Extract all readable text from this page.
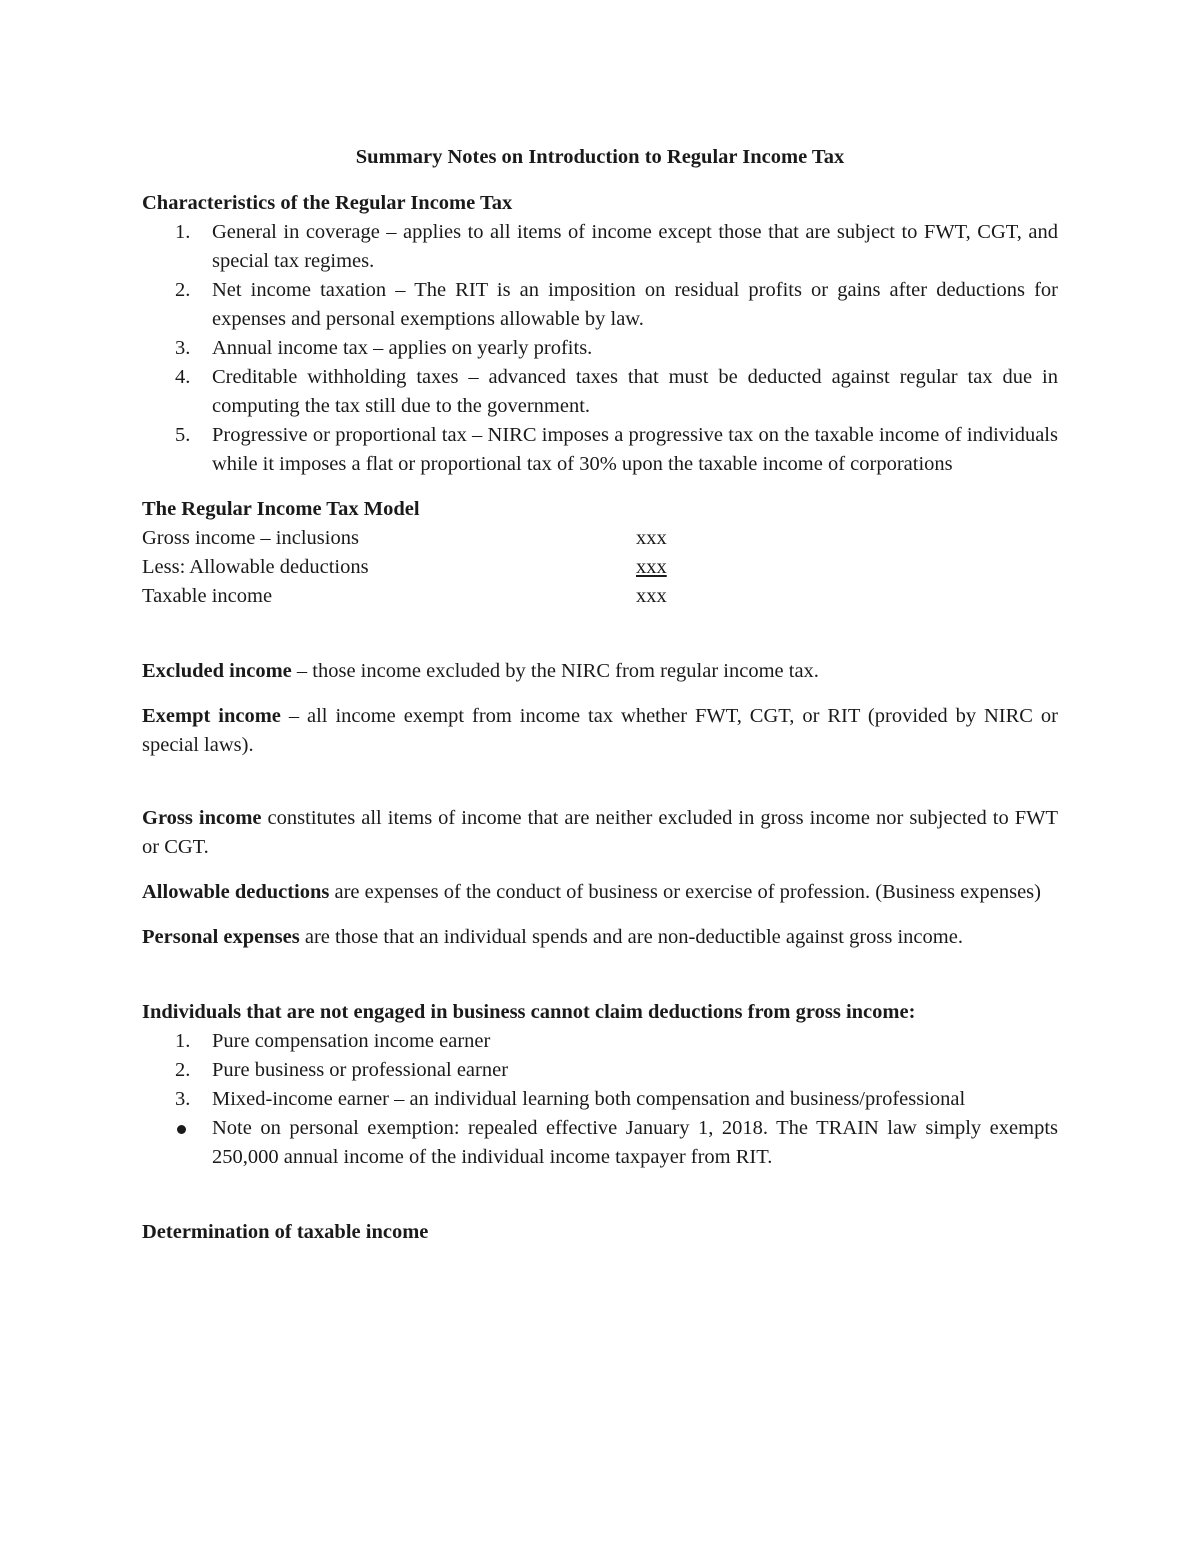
Summary Notes on Introduction to Regular Income Tax

Characteristics of the Regular Income Tax

1. General in coverage – applies to all items of income except those that are subject to FWT, CGT, and special tax regimes.
2. Net income taxation – The RIT is an imposition on residual profits or gains after deductions for expenses and personal exemptions allowable by law.
3. Annual income tax – applies on yearly profits.
4. Creditable withholding taxes – advanced taxes that must be deducted against regular tax due in computing the tax still due to the government.
5. Progressive or proportional tax – NIRC imposes a progressive tax on the taxable income of individuals while it imposes a flat or proportional tax of 30% upon the taxable income of corporations

The Regular Income Tax Model

Gross income – inclusions	xxx
Less: Allowable deductions	xxx
Taxable income	xxx

Excluded income – those income excluded by the NIRC from regular income tax.

Exempt income – all income exempt from income tax whether FWT, CGT, or RIT (provided by NIRC or special laws).

Gross income constitutes all items of income that are neither excluded in gross income nor subjected to FWT or CGT.

Allowable deductions are expenses of the conduct of business or exercise of profession. (Business expenses)

Personal expenses are those that an individual spends and are non-deductible against gross income.

Individuals that are not engaged in business cannot claim deductions from gross income:

1. Pure compensation income earner
2. Pure business or professional earner
3. Mixed-income earner – an individual learning both compensation and business/professional
Note on personal exemption: repealed effective January 1, 2018. The TRAIN law simply exempts 250,000 annual income of the individual income taxpayer from RIT.

Determination of taxable income
